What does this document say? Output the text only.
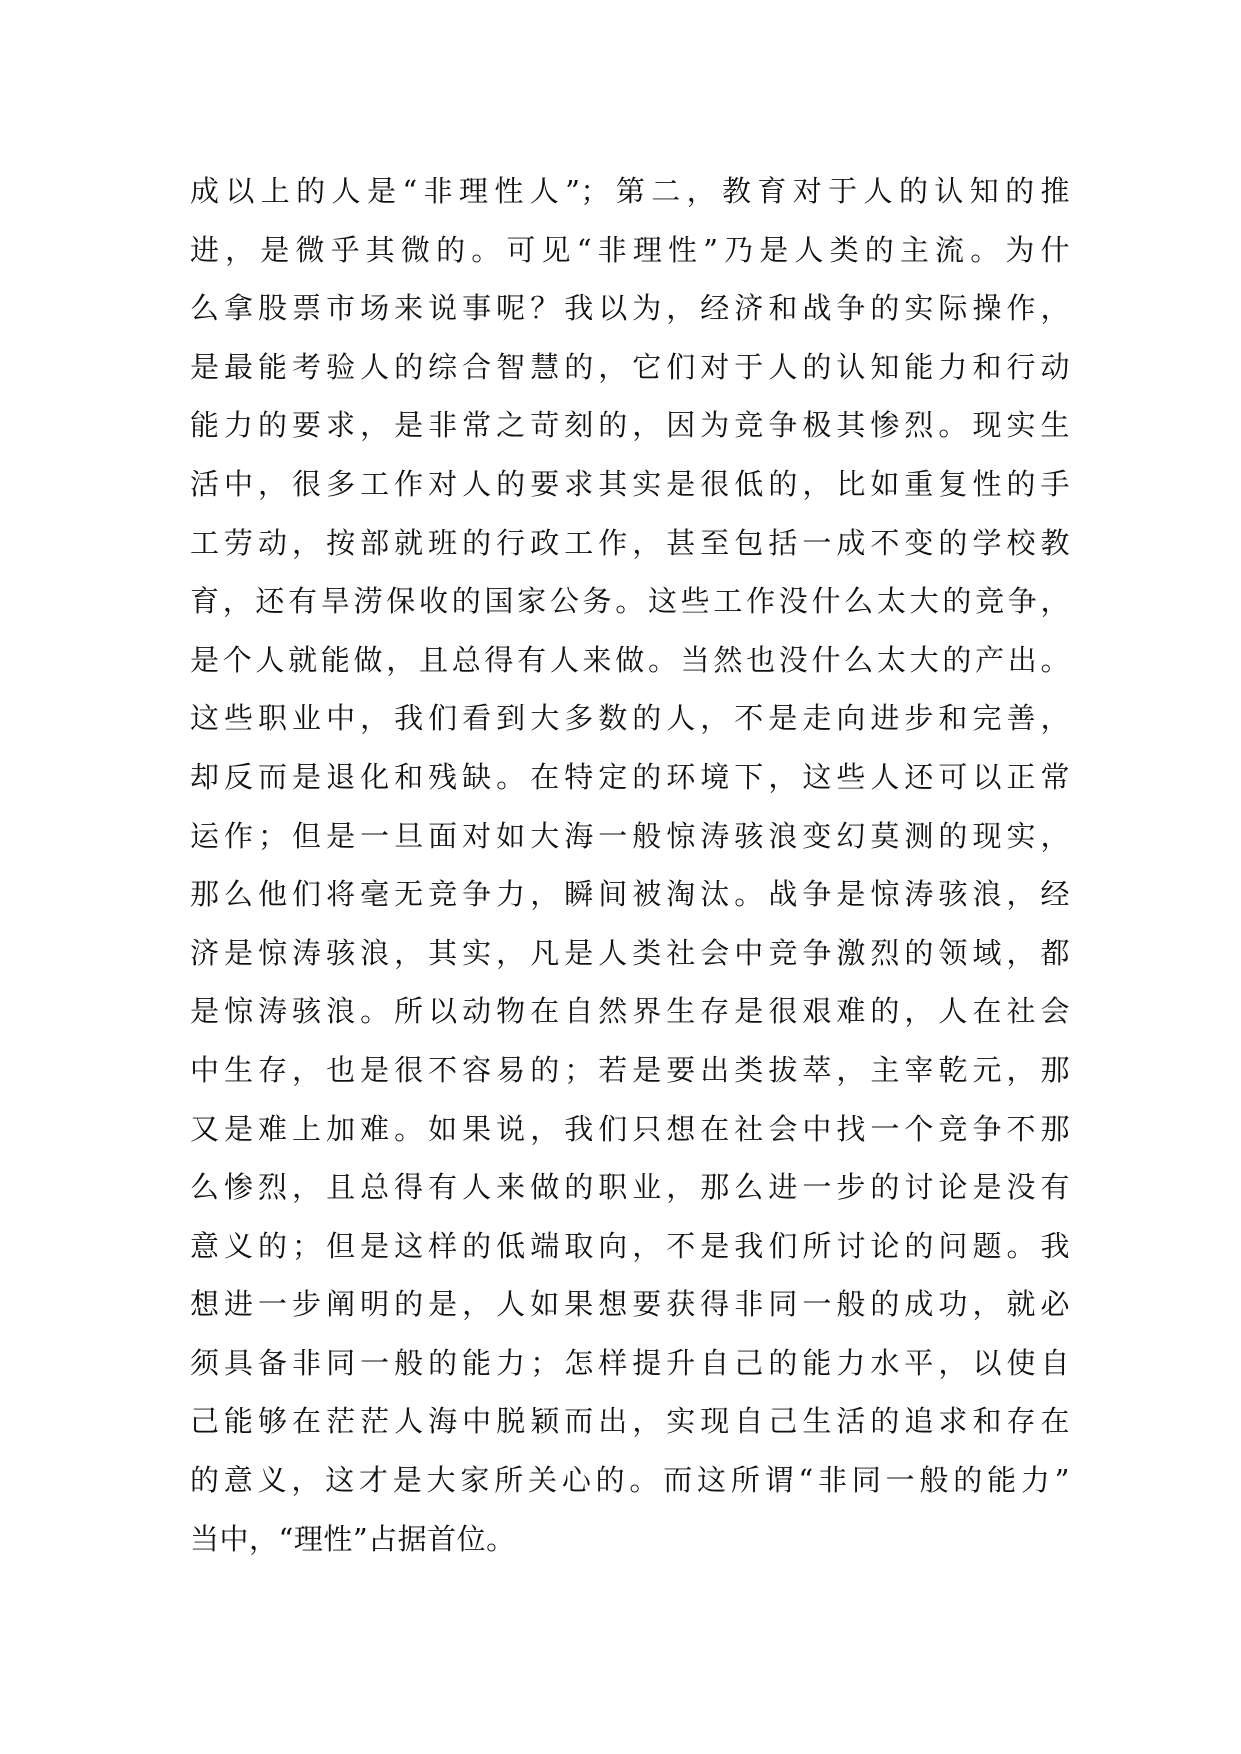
成以上的人是“非理性人”；第二，教育对于人的认知的推
进，是微乎其微的。可见“非理性”乃是人类的主流。为什
么拿股票市场来说事呢？我以为，经济和战争的实际操作，
是最能考验人的综合智慧的，它们对于人的认知能力和行动
能力的要求，是非常之苛刻的，因为竞争极其惨烈。现实生
活中，很多工作对人的要求其实是很低的，比如重复性的手
工劳动，按部就班的行政工作，甚至包括一成不变的学校教
育，还有旱涝保收的国家公务。这些工作没什么太大的竞争，
是个人就能做，且总得有人来做。当然也没什么太大的产出。
这些职业中，我们看到大多数的人，不是走向进步和完善，
却反而是退化和残缺。在特定的环境下，这些人还可以正常
运作；但是一旦面对如大海一般惊涛骇浪变幻莫测的现实，
那么他们将毫无竞争力，瞬间被淘汰。战争是惊涛骇浪，经
济是惊涛骇浪，其实，凡是人类社会中竞争激烈的领域，都
是惊涛骇浪。所以动物在自然界生存是很艰难的，人在社会
中生存，也是很不容易的；若是要出类拔萃，主宰乾元，那
又是难上加难。如果说，我们只想在社会中找一个竞争不那
么惨烈，且总得有人来做的职业，那么进一步的讨论是没有
意义的；但是这样的低端取向，不是我们所讨论的问题。我
想进一步阐明的是，人如果想要获得非同一般的成功，就必
须具备非同一般的能力；怎样提升自己的能力水平，以使自
己能够在茫茫人海中脱颖而出，实现自己生活的追求和存在
的意义，这才是大家所关心的。而这所谓“非同一般的能力”
当中，“理性”占据首位。
